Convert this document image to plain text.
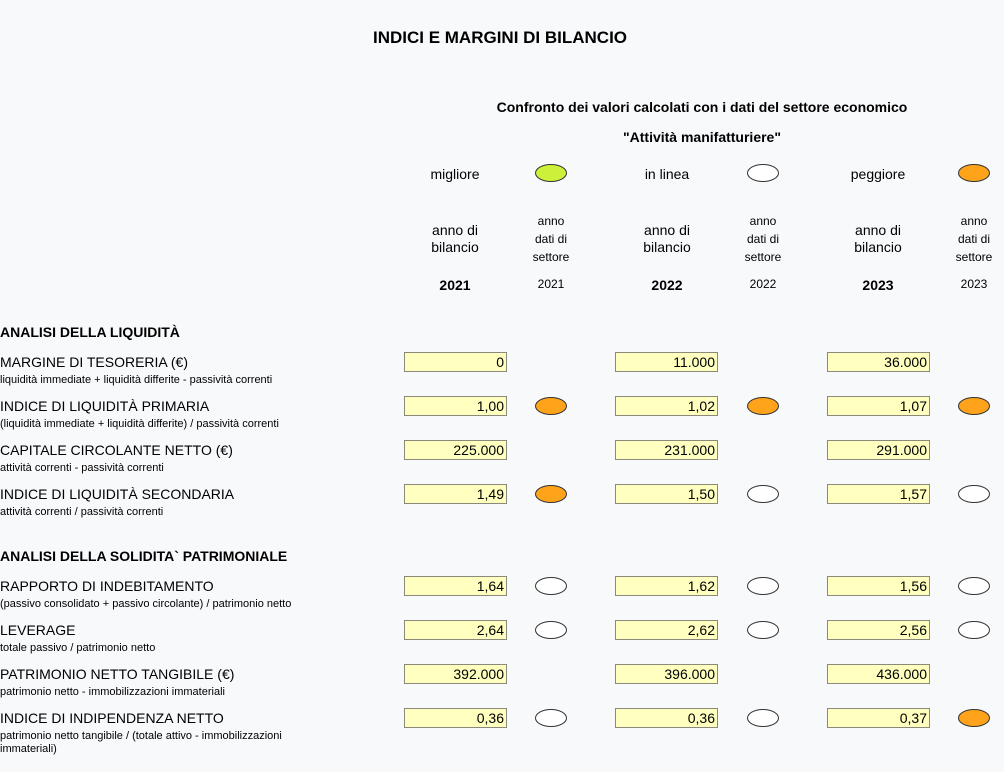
INDICI E MARGINI DI BILANCIO
Confronto dei valori calcolati con i dati del settore economico
"Attività manifatturiere"
migliore	in linea	peggiore
anno di
bilancio
2021
anno
dati di
settore
2021
anno di
bilancio
2022
anno
dati di
settore
2022
anno di
bilancio
2023
anno
dati di
settore
2023
ANALISI DELLA LIQUIDITÀ
MARGINE DI TESORERIA (€)
liquidità immediate + liquidità differite - passività correnti
0	11.000	36.000
INDICE DI LIQUIDITÀ PRIMARIA
(liquidità immediate + liquidità differite) / passività correnti
1,00	1,02	1,07
CAPITALE CIRCOLANTE NETTO (€)
attività correnti - passività correnti
225.000	231.000	291.000
INDICE DI LIQUIDITÀ SECONDARIA
attività correnti / passività correnti
1,49	1,50	1,57
ANALISI DELLA SOLIDITA` PATRIMONIALE
RAPPORTO DI INDEBITAMENTO
(passivo consolidato + passivo circolante) / patrimonio netto
1,64	1,62	1,56
LEVERAGE
totale passivo / patrimonio netto
2,64	2,62	2,56
PATRIMONIO NETTO TANGIBILE (€)
patrimonio netto - immobilizzazioni immateriali
392.000	396.000	436.000
INDICE DI INDIPENDENZA NETTO
patrimonio netto tangibile / (totale attivo - immobilizzazioni immateriali)
0,36	0,36	0,37
